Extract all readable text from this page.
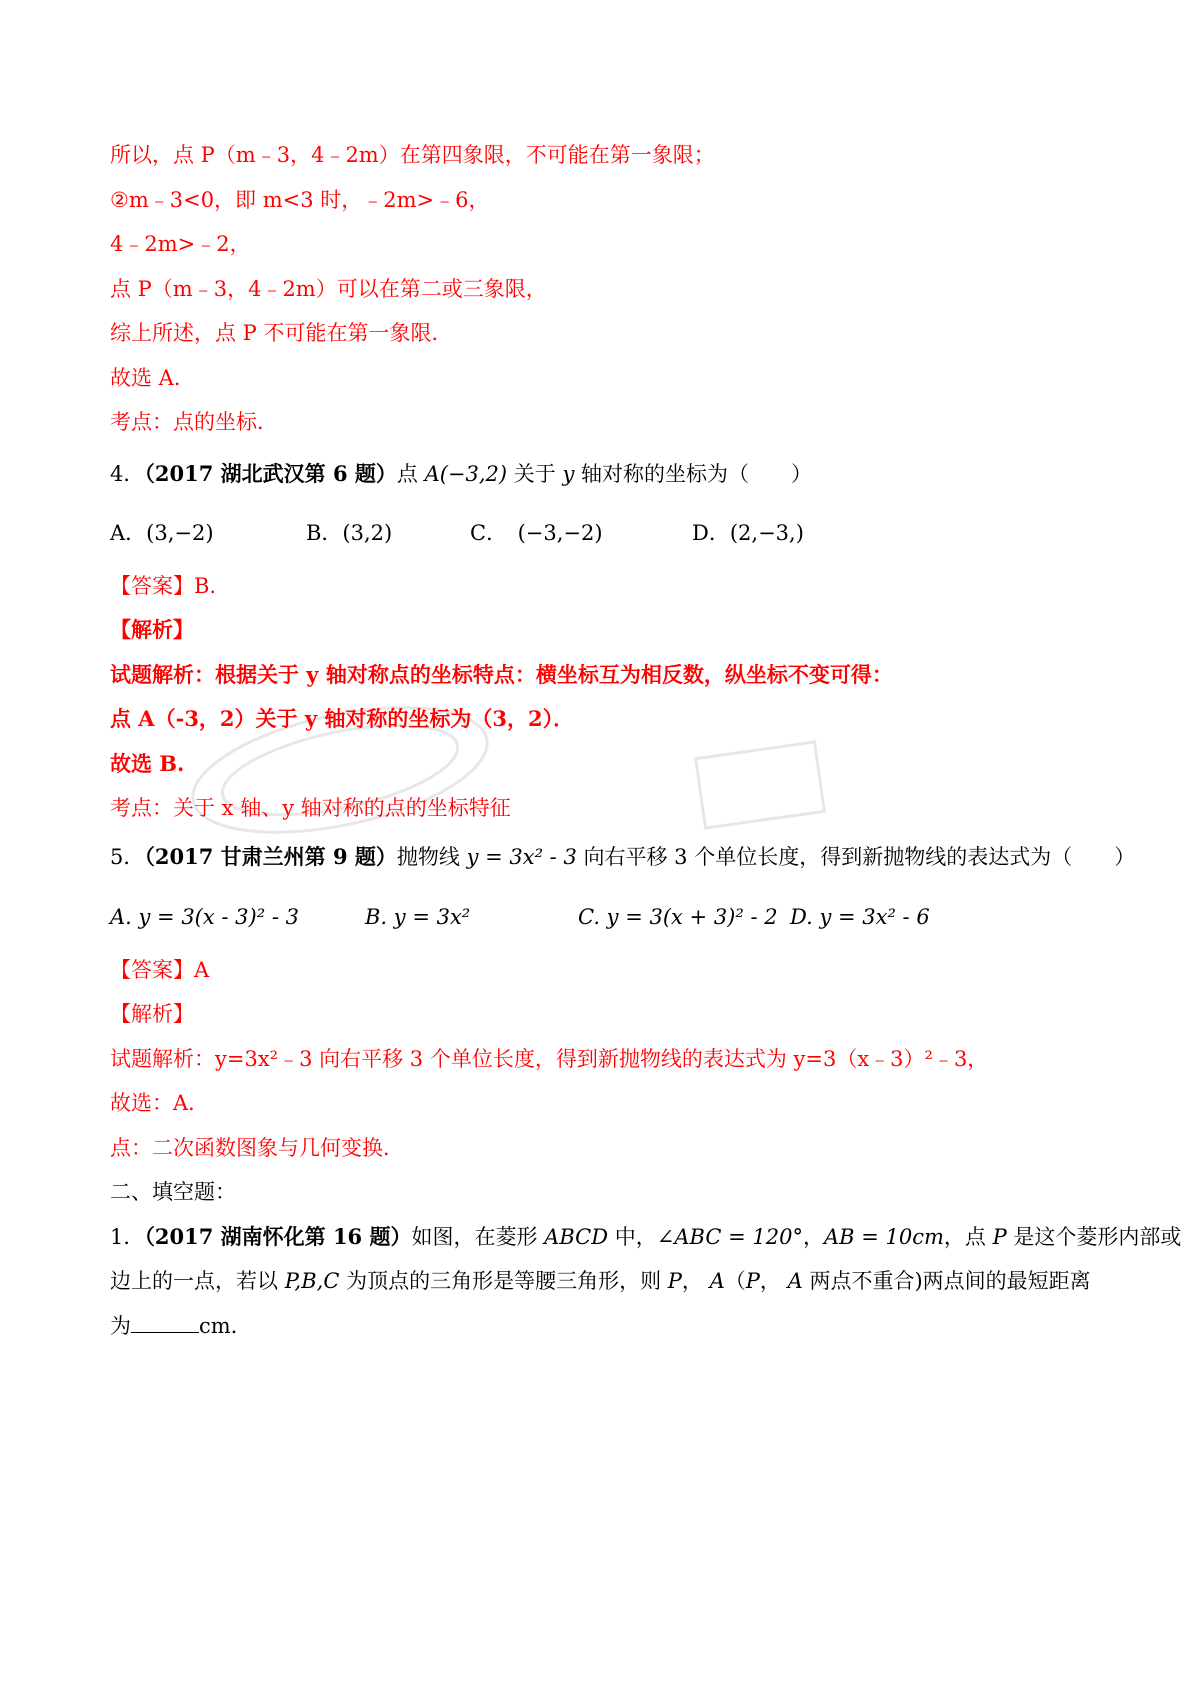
所以，点 P（m﹣3，4﹣2m）在第四象限，不可能在第一象限；
②m﹣3<0，即 m<3 时，﹣2m>﹣6，
4﹣2m>﹣2，
点 P（m﹣3，4﹣2m）可以在第二或三象限，
综上所述，点 P 不可能在第一象限．
故选 A．
考点：点的坐标．
4．（2017 湖北武汉第 6 题）点 A(−3,2) 关于 y 轴对称的坐标为（　　）
A．(3,−2)	B．(3,2)	C．　(−3,−2)	D．(2,−3,)
【答案】B.
【解析】
试题解析：根据关于 y 轴对称点的坐标特点：横坐标互为相反数，纵坐标不变可得：
点 A（-3，2）关于 y 轴对称的坐标为（3，2）．
故选 B.
考点：关于 x 轴、y 轴对称的点的坐标特征
5．（2017 甘肃兰州第 9 题）抛物线 y = 3x² - 3 向右平移 3 个单位长度，得到新抛物线的表达式为（　　）
A. y = 3(x - 3)² - 3	B. y = 3x²	C. y = 3(x + 3)² - 2 D. y = 3x² - 6
【答案】A
【解析】
试题解析：y=3x²﹣3 向右平移 3 个单位长度，得到新抛物线的表达式为 y=3（x﹣3）²﹣3，
故选：A．
点：二次函数图象与几何变换．
二、填空题：
1．（2017 湖南怀化第 16 题）如图，在菱形 ABCD 中，∠ABC = 120°，AB = 10cm，点 P 是这个菱形内部或
边上的一点，若以 P,B,C 为顶点的三角形是等腰三角形，则 P， A（P， A 两点不重合)两点间的最短距离
为	cm.
